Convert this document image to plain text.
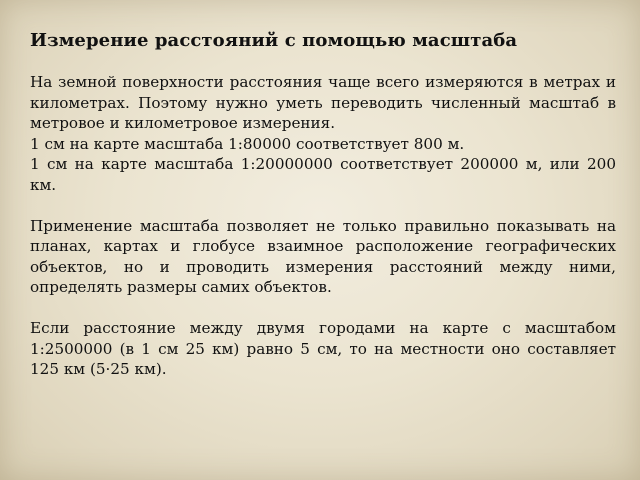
Измерение расстояний с помощью масштаба

На земной поверхности расстояния чаще всего измеряются в метрах и километрах. Поэтому нужно уметь переводить численный масштаб в метровое и километровое измерения.

1 см на карте масштаба 1:80000 соответствует 800 м.

1 см на карте масштаба 1:20000000 соответствует 200000 м, или 200 км.

Применение масштаба позволяет не только правильно показывать на планах, картах и глобусе взаимное расположение географических объектов, но и проводить измерения расстояний между ними, определять размеры самих объектов.

Если расстояние между двумя городами на карте с масштабом 1:2500000 (в 1 см 25 км) равно 5 см, то на местности оно составляет 125 км (5·25 км).
